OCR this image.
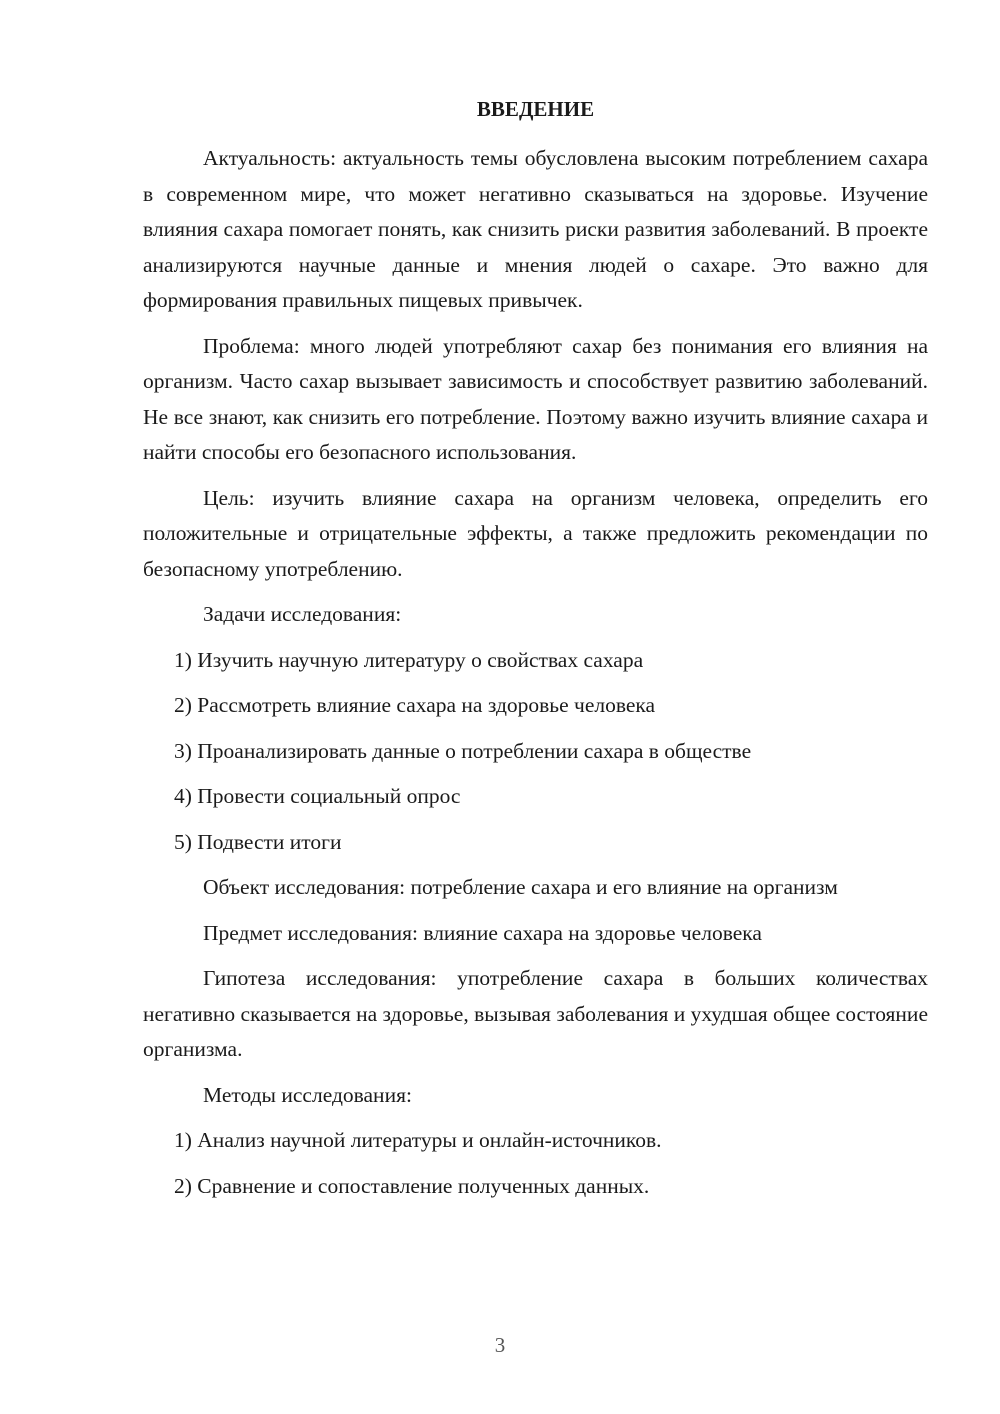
ВВЕДЕНИЕ

Актуальность: актуальность темы обусловлена высоким потреблением сахара в современном мире, что может негативно сказываться на здоровье. Изучение влияния сахара помогает понять, как снизить риски развития заболеваний. В проекте анализируются научные данные и мнения людей о сахаре. Это важно для формирования правильных пищевых привычек.

Проблема: много людей употребляют сахар без понимания его влияния на организм. Часто сахар вызывает зависимость и способствует развитию заболеваний. Не все знают, как снизить его потребление. Поэтому важно изучить влияние сахара и найти способы его безопасного использования.

Цель: изучить влияние сахара на организм человека, определить его положительные и отрицательные эффекты, а также предложить рекомендации по безопасному употреблению.

Задачи исследования:

1) Изучить научную литературу о свойствах сахара
2) Рассмотреть влияние сахара на здоровье человека
3) Проанализировать данные о потреблении сахара в обществе
4) Провести социальный опрос
5) Подвести итоги

Объект исследования: потребление сахара и его влияние на организм

Предмет исследования: влияние сахара на здоровье человека

Гипотеза исследования: употребление сахара в больших количествах негативно сказывается на здоровье, вызывая заболевания и ухудшая общее состояние организма.

Методы исследования:

1) Анализ научной литературы и онлайн-источников.
2) Сравнение и сопоставление полученных данных.
3
